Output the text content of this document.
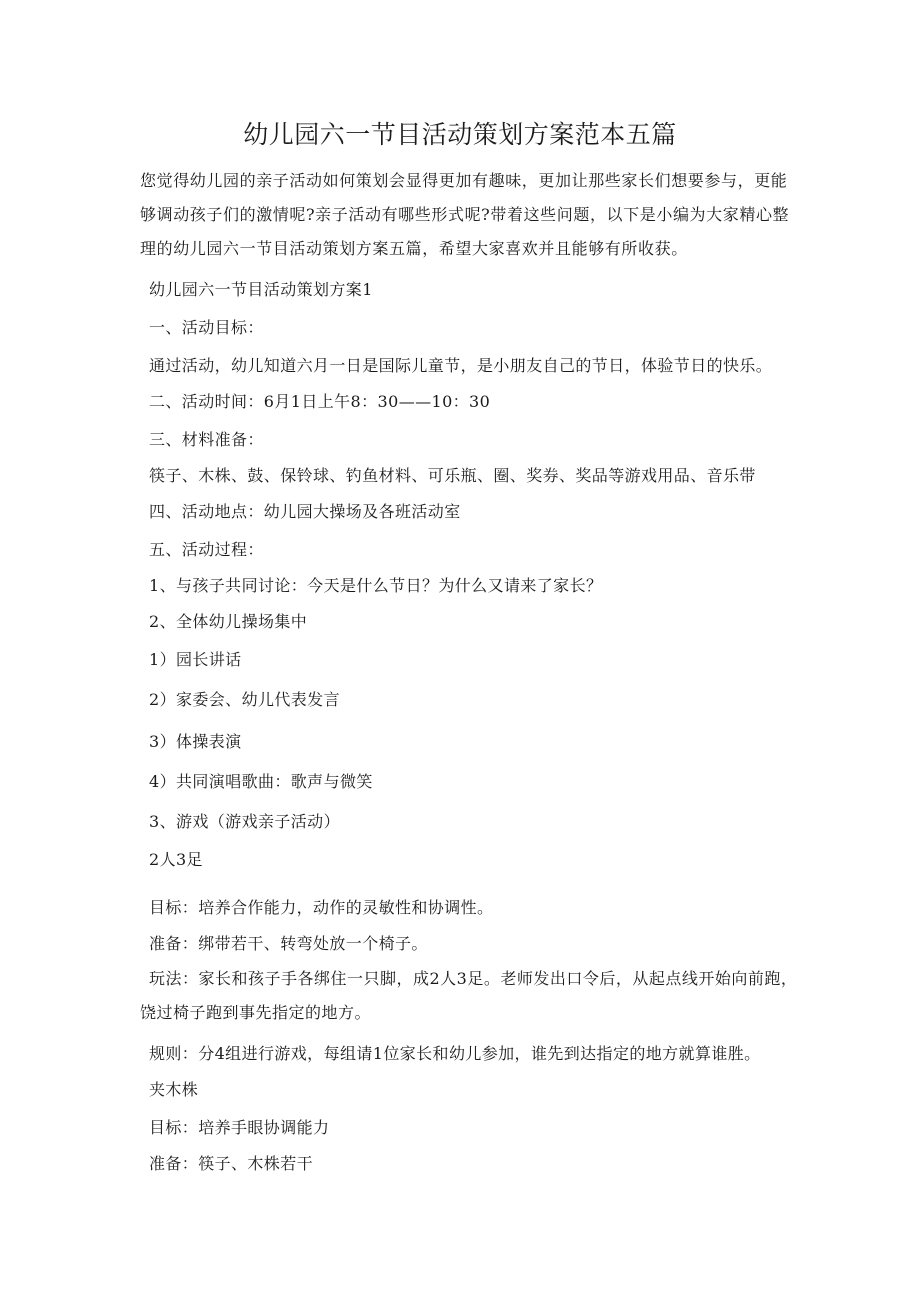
幼儿园六一节目活动策划方案范本五篇

您觉得幼儿园的亲子活动如何策划会显得更加有趣味，更加让那些家长们想要参与，更能够调动孩子们的激情呢?亲子活动有哪些形式呢?带着这些问题，以下是小编为大家精心整理的幼儿园六一节目活动策划方案五篇，希望大家喜欢并且能够有所收获。

幼儿园六一节目活动策划方案1

一、活动目标：

通过活动，幼儿知道六月一日是国际儿童节，是小朋友自己的节日，体验节日的快乐。

二、活动时间：6月1日上午8：30——10：30

三、材料准备：

筷子、木株、鼓、保铃球、钓鱼材料、可乐瓶、圈、奖券、奖品等游戏用品、音乐带

四、活动地点：幼儿园大操场及各班活动室

五、活动过程：

1、与孩子共同讨论：今天是什么节日？为什么又请来了家长？

2、全体幼儿操场集中

1）园长讲话

2）家委会、幼儿代表发言

3）体操表演

4）共同演唱歌曲：歌声与微笑

3、游戏（游戏亲子活动）

2人3足

目标：培养合作能力，动作的灵敏性和协调性。

准备：绑带若干、转弯处放一个椅子。

玩法：家长和孩子手各绑住一只脚，成2人3足。老师发出口令后，从起点线开始向前跑，饶过椅子跑到事先指定的地方。

规则：分4组进行游戏，每组请1位家长和幼儿参加，谁先到达指定的地方就算谁胜。

夹木株

目标：培养手眼协调能力

准备：筷子、木株若干
